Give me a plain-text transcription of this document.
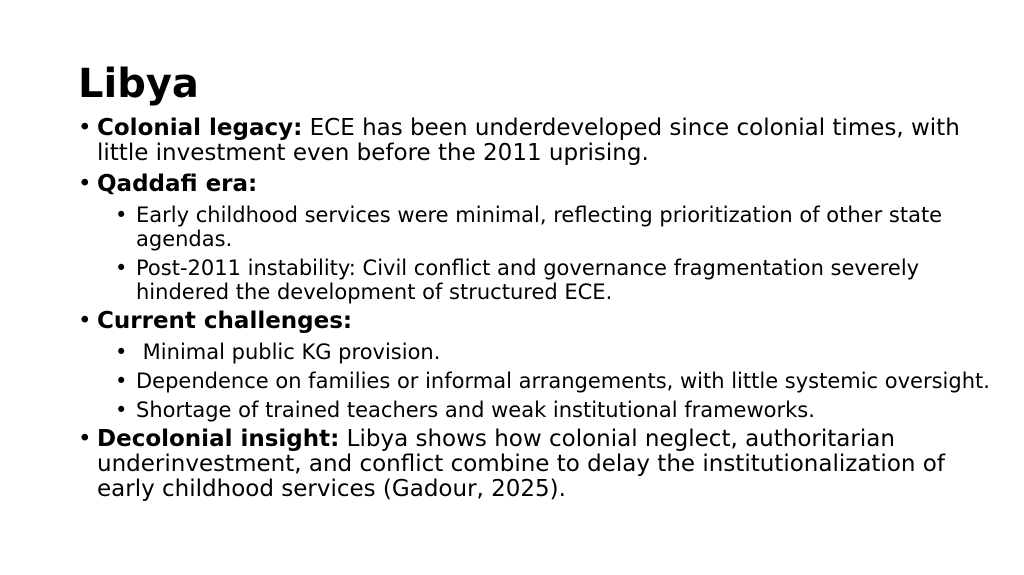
Libya
• Colonial legacy: ECE has been underdeveloped since colonial times, with little investment even before the 2011 uprising.
• Qaddafi era:
• Early childhood services were minimal, reflecting prioritization of other state agendas.
• Post-2011 instability: Civil conflict and governance fragmentation severely hindered the development of structured ECE.
• Current challenges:
• Minimal public KG provision.
• Dependence on families or informal arrangements, with little systemic oversight.
• Shortage of trained teachers and weak institutional frameworks.
• Decolonial insight: Libya shows how colonial neglect, authoritarian underinvestment, and conflict combine to delay the institutionalization of early childhood services (Gadour, 2025).
